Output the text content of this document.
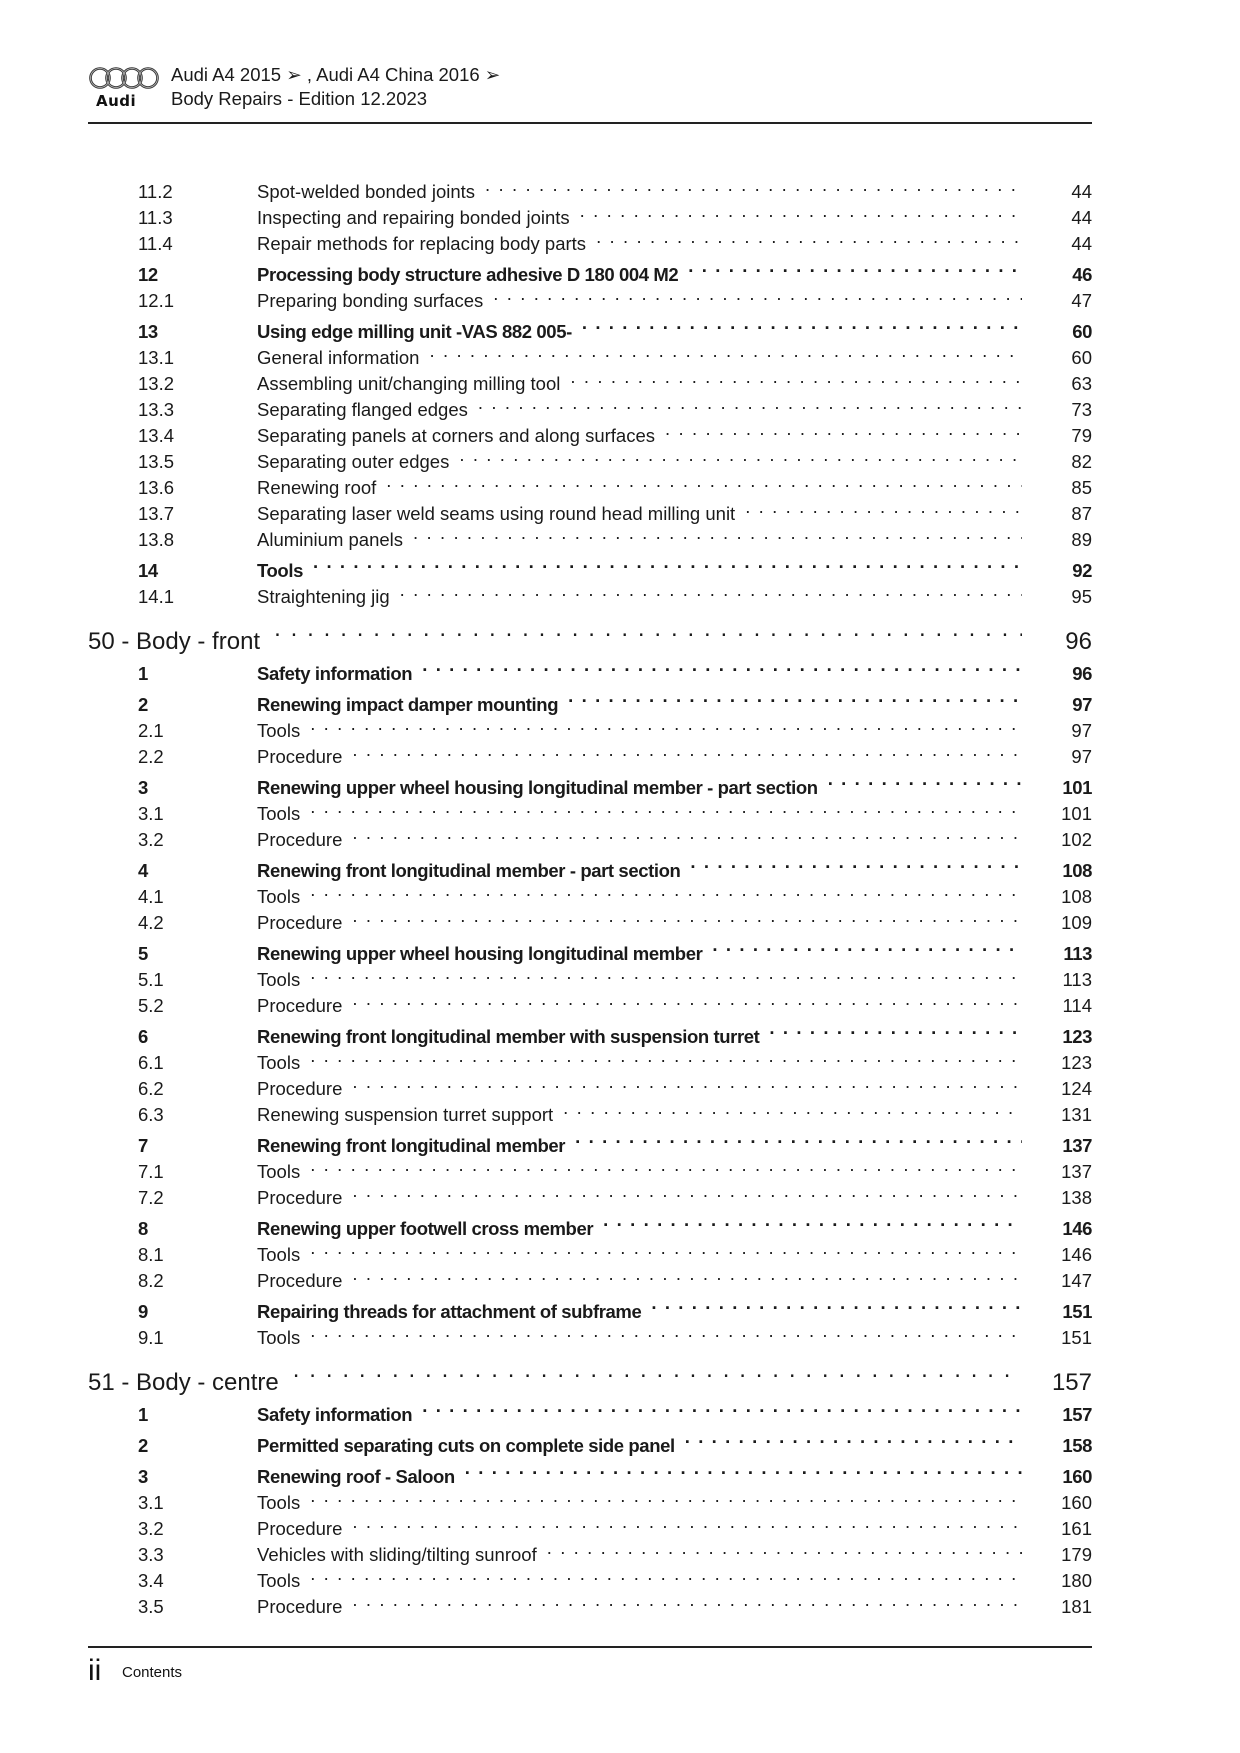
Audi
Audi A4 2015 ➢ , Audi A4 China 2016 ➢
Body Repairs - Edition 12.2023
11.2	Spot-welded bonded joints . . .	44
11.3	Inspecting and repairing bonded joints . . .	44
11.4	Repair methods for replacing body parts . . .	44
12	Processing body structure adhesive D 180 004 M2 . . .	46
12.1	Preparing bonding surfaces . . .	47
13	Using edge milling unit -VAS 882 005- . . .	60
13.1	General information . . .	60
13.2	Assembling unit/changing milling tool . . .	63
13.3	Separating flanged edges . . .	73
13.4	Separating panels at corners and along surfaces . . .	79
13.5	Separating outer edges . . .	82
13.6	Renewing roof . . .	85
13.7	Separating laser weld seams using round head milling unit . . .	87
13.8	Aluminium panels . . .	89
14	Tools . . .	92
14.1	Straightening jig . . .	95
50 - Body - front . . .	96
1	Safety information . . .	96
2	Renewing impact damper mounting . . .	97
2.1	Tools . . .	97
2.2	Procedure . . .	97
3	Renewing upper wheel housing longitudinal member - part section . . .	101
3.1	Tools . . .	101
3.2	Procedure . . .	102
4	Renewing front longitudinal member - part section . . .	108
4.1	Tools . . .	108
4.2	Procedure . . .	109
5	Renewing upper wheel housing longitudinal member . . .	113
5.1	Tools . . .	113
5.2	Procedure . . .	114
6	Renewing front longitudinal member with suspension turret . . .	123
6.1	Tools . . .	123
6.2	Procedure . . .	124
6.3	Renewing suspension turret support . . .	131
7	Renewing front longitudinal member . . .	137
7.1	Tools . . .	137
7.2	Procedure . . .	138
8	Renewing upper footwell cross member . . .	146
8.1	Tools . . .	146
8.2	Procedure . . .	147
9	Repairing threads for attachment of subframe . . .	151
9.1	Tools . . .	151
51 - Body - centre . . .	157
1	Safety information . . .	157
2	Permitted separating cuts on complete side panel . . .	158
3	Renewing roof - Saloon . . .	160
3.1	Tools . . .	160
3.2	Procedure . . .	161
3.3	Vehicles with sliding/tilting sunroof . . .	179
3.4	Tools . . .	180
3.5	Procedure . . .	181
ii Contents
